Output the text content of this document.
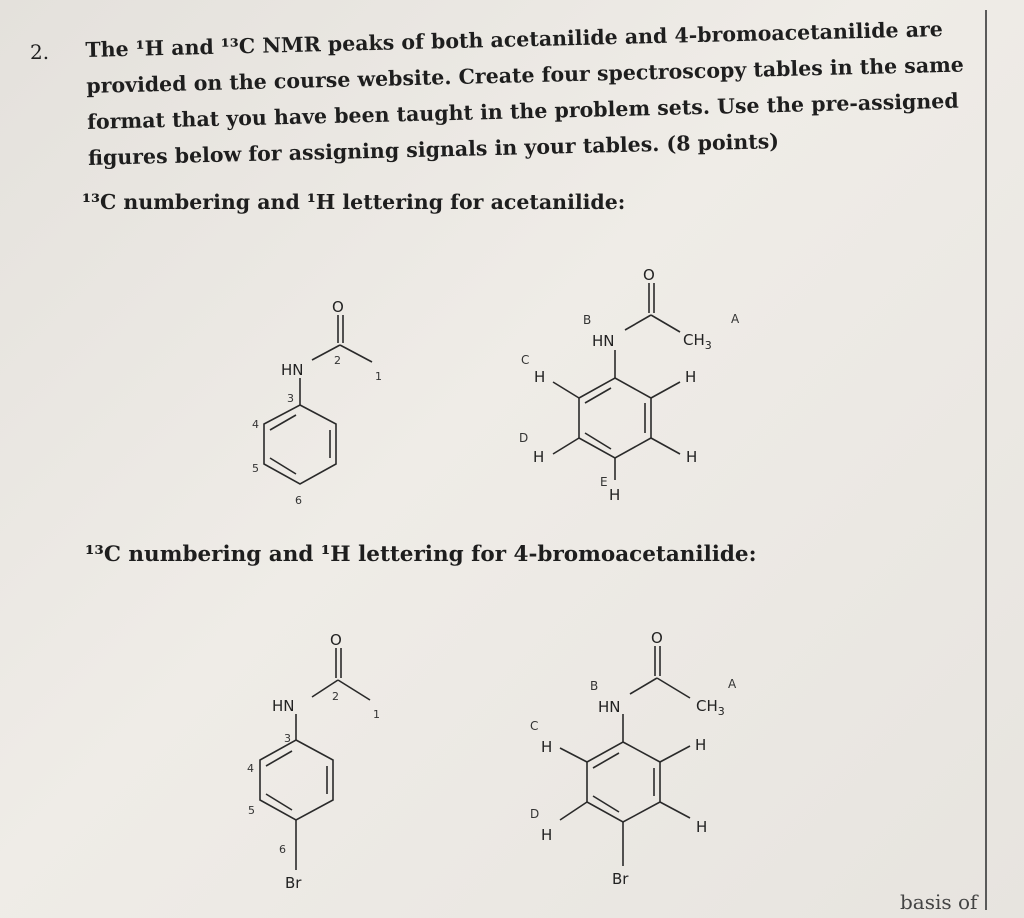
2. The ¹H and ¹³C NMR peaks of both acetanilide and 4-bromoacetanilide are provided on the course website. Create four spectroscopy tables in the same format that you have been taught in the problem sets. Use the pre-assigned figures below for assigning signals in your tables. (8 points)
¹³C numbering and ¹H lettering for acetanilide:
¹³C numbering and ¹H lettering for 4-bromoacetanilide:
O
HN
2
1
3
4
5
6
O
B
HN
A
$CH_3$
C
H	H
D
H	H
E
H
O
HN
2
1
3
4
5
6
Br
O
B
HN
A
$CH_3$
C
H	H
D
H	H
Br
basis of
